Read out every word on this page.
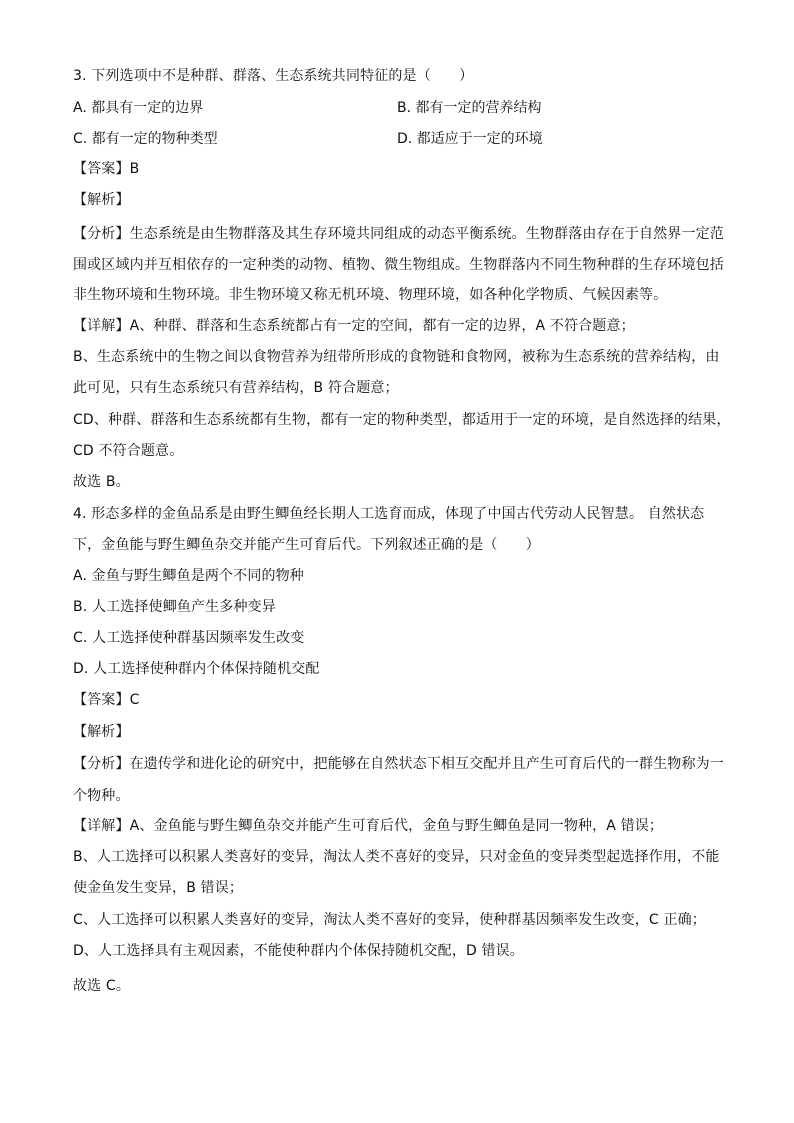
3. 下列选项中不是种群、群落、生态系统共同特征的是（　　）
A. 都具有一定的边界	B. 都有一定的营养结构
C. 都有一定的物种类型	D. 都适应于一定的环境
【答案】B
【解析】
【分析】生态系统是由生物群落及其生存环境共同组成的动态平衡系统。生物群落由存在于自然界一定范
围或区域内并互相依存的一定种类的动物、植物、微生物组成。生物群落内不同生物种群的生存环境包括
非生物环境和生物环境。非生物环境又称无机环境、物理环境，如各种化学物质、气候因素等。
【详解】A、种群、群落和生态系统都占有一定的空间，都有一定的边界，A 不符合题意；
B、生态系统中的生物之间以食物营养为纽带所形成的食物链和食物网，被称为生态系统的营养结构，由
此可见，只有生态系统只有营养结构，B 符合题意；
CD、种群、群落和生态系统都有生物，都有一定的物种类型，都适用于一定的环境，是自然选择的结果，
CD 不符合题意。
故选 B。
4. 形态多样的金鱼品系是由野生鲫鱼经长期人工选育而成，体现了中国古代劳动人民智慧。 自然状态
下，金鱼能与野生鲫鱼杂交并能产生可育后代。下列叙述正确的是（　　）
A. 金鱼与野生鲫鱼是两个不同的物种
B. 人工选择使鲫鱼产生多种变异
C. 人工选择使种群基因频率发生改变
D. 人工选择使种群内个体保持随机交配
【答案】C
【解析】
【分析】在遗传学和进化论的研究中，把能够在自然状态下相互交配并且产生可育后代的一群生物称为一
个物种。
【详解】A、金鱼能与野生鲫鱼杂交并能产生可育后代，金鱼与野生鲫鱼是同一物种，A 错误；
B、人工选择可以积累人类喜好的变异，淘汰人类不喜好的变异，只对金鱼的变异类型起选择作用，不能
使金鱼发生变异，B 错误；
C、人工选择可以积累人类喜好的变异，淘汰人类不喜好的变异，使种群基因频率发生改变，C 正确；
D、人工选择具有主观因素，不能使种群内个体保持随机交配，D 错误。
故选 C。
